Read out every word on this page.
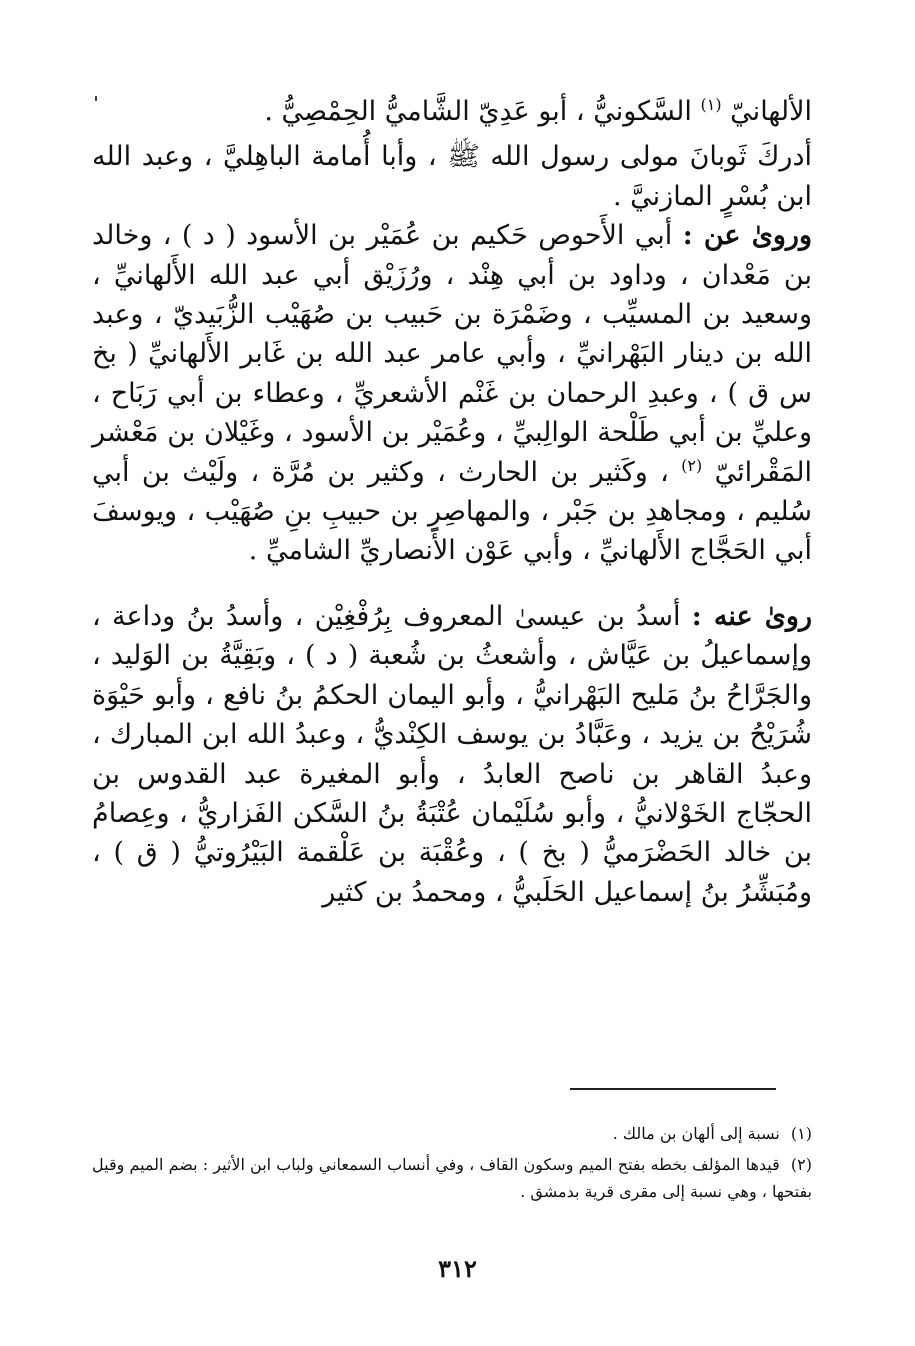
الألهانيّ $^{(١)}$ السَّكونيُّ ، أبو عَدِيّ الشَّاميُّ الحِمْصِيُّ .

أدركَ ثَوبانَ مولى رسول الله ﷺ ، وأبا أُمامة الباهِليَّ ، وعبد الله ابن بُسْرٍ المازنيَّ .

وروىٰ عن : أبي الأَحوص حَكيم بن عُمَيْر بن الأسود ( د ) ، وخالد بن مَعْدان ، وداود بن أبي هِنْد ، ورُزَيْق أبي عبد الله الأَلهانيِّ ، وسعيد بن المسيِّب ، وضَمْرَة بن حَبيب بن صُهَيْب الزُّبَيديّ ، وعبد الله بن دينار البَهْرانيِّ ، وأبي عامر عبد الله بن غَابر الأَلهانيِّ ( بخ س ق ) ، وعبدِ الرحمان بن غَنْم الأشعريِّ ، وعطاء بن أبي رَبَاح ، وعليِّ بن أبي طَلْحة الوالِبيِّ ، وعُمَيْر بن الأسود ، وغَيْلان بن مَعْشر المَقْرائيّ $^{(٢)}$ ، وكَثير بن الحارث ، وكثير بن مُرَّة ، ولَيْث بن أبي سُليم ، ومجاهدِ بن جَبْر ، والمهاصِرِ بن حبيبِ بنِ صُهَيْب ، ويوسفَ أبي الحَجَّاج الأَلهانيِّ ، وأبي عَوْن الأَنصاريِّ الشاميِّ .

روىٰ عنه : أسدُ بن عيسىٰ المعروف بِرُفْغِيْن ، وأسدُ بنُ وداعة ، وإسماعيلُ بن عَيَّاش ، وأشعثُ بن شُعبة ( د ) ، وبَقِيَّةُ بن الوَليد ، والجَرَّاحُ بنُ مَليح البَهْرانيُّ ، وأبو اليمان الحكمُ بنُ نافع ، وأبو حَيْوَة شُرَيْحُ بن يزيد ، وعَبَّادُ بن يوسف الكِنْديُّ ، وعبدُ الله ابن المبارك ، وعبدُ القاهر بن ناصح العابدُ ، وأبو المغيرة عبد القدوس بن الحجّاج الخَوْلانيُّ ، وأبو سُلَيْمان عُتْبَةُ بنُ السَّكن الفَزاريُّ ، وعِصامُ بن خالد الحَضْرَميُّ ( بخ ) ، وعُقْبَة بن عَلْقمة البَيْرُوتيُّ ( ق ) ، ومُبَشِّرُ بنُ إسماعيل الحَلَبيُّ ، ومحمدُ بن كثير

(١) نسبة إلى ألهان بن مالك .

(٢) قيدها المؤلف بخطه بفتح الميم وسكون القاف ، وفي أنساب السمعاني ولباب ابن الأثير : بضم الميم وقيل بفتحها ، وهي نسبة إلى مقرى قرية بدمشق .

٣١٢
